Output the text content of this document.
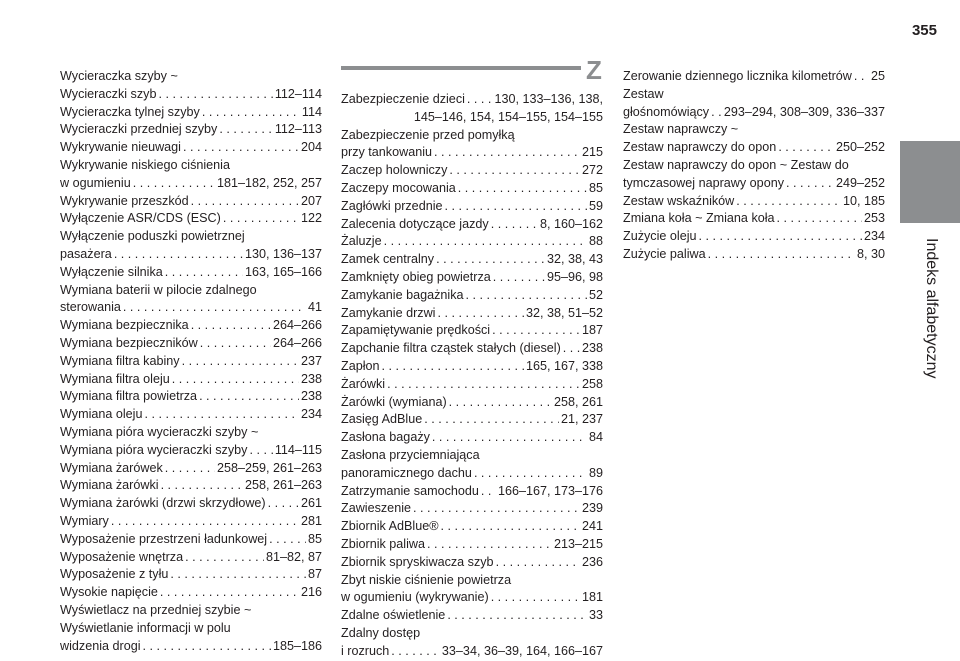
355
Indeks alfabetyczny
Z
Wycieraczka szyby ~
Wycieraczki szyb . . .	112–114
Wycieraczka tylnej szyby . . .	114
Wycieraczki przedniej szyby . . .	112–113
Wykrywanie nieuwagi . . .	204
Wykrywanie niskiego ciśnienia
w ogumieniu . . .	181–182, 252, 257
Wykrywanie przeszkód . . .	207
Wyłączenie ASR/CDS (ESC) . . .	122
Wyłączenie poduszki powietrznej
pasażera . . .	130, 136–137
Wyłączenie silnika . . .	163, 165–166
Wymiana baterii w pilocie zdalnego
sterowania . . .	41
Wymiana bezpiecznika . . .	264–266
Wymiana bezpieczników . . .	264–266
Wymiana filtra kabiny . . .	237
Wymiana filtra oleju . . .	238
Wymiana filtra powietrza . . .	238
Wymiana oleju . . .	234
Wymiana pióra wycieraczki szyby ~
Wymiana pióra wycieraczki szyby . . . 114–115
Wymiana żarówek . . .	258–259, 261–263
Wymiana żarówki . . .	258, 261–263
Wymiana żarówki (drzwi skrzydłowe) . . .	261
Wymiary . . .	281
Wyposażenie przestrzeni ładunkowej . . .	85
Wyposażenie wnętrza . . .	81–82, 87
Wyposażenie z tyłu . . .	87
Wysokie napięcie . . .	216
Wyświetlacz na przedniej szybie ~
Wyświetlanie informacji w polu
widzenia drogi . . .	185–186
Zabezpieczenie dzieci . . . 130, 133–136, 138,
145–146, 154, 154–155, 154–155
Zabezpieczenie przed pomyłką
przy tankowaniu . . .	215
Zaczep holowniczy . . .	272
Zaczepy mocowania . . .	85
Zagłówki przednie . . .	59
Zalecenia dotyczące jazdy . . .	8, 160–162
Żaluzje . . .	88
Zamek centralny . . .	32, 38, 43
Zamknięty obieg powietrza . . .	95–96, 98
Zamykanie bagażnika . . .	52
Zamykanie drzwi . . .	32, 38, 51–52
Zapamiętywanie prędkości . . .	187
Zapchanie filtra cząstek stałych (diesel) . . . 238
Zapłon . . .	165, 167, 338
Żarówki . . .	258
Żarówki (wymiana) . . .	258, 261
Zasięg AdBlue . . .	21, 237
Zasłona bagaży . . .	84
Zasłona przyciemniająca
panoramicznego dachu . . .	89
Zatrzymanie samochodu . . . 166–167, 173–176
Zawieszenie . . .	239
Zbiornik AdBlue® . . .	241
Zbiornik paliwa . . .	213–215
Zbiornik spryskiwacza szyb . . .	236
Zbyt niskie ciśnienie powietrza
w ogumieniu (wykrywanie) . . .	181
Zdalne oświetlenie . . .	33
Zdalny dostęp
i rozruch . . .	33–34, 36–39, 164, 166–167
Zerowanie dziennego licznika kilometrów . . . 25
Zestaw
głośnomówiący . . . 293–294, 308–309, 336–337
Zestaw naprawczy ~
Zestaw naprawczy do opon . . .	250–252
Zestaw naprawczy do opon ~ Zestaw do
tymczasowej naprawy opony . . .	249–252
Zestaw wskaźników . . .	10, 185
Zmiana koła ~ Zmiana koła . . .	253
Zużycie oleju . . .	234
Zużycie paliwa . . .	8, 30
